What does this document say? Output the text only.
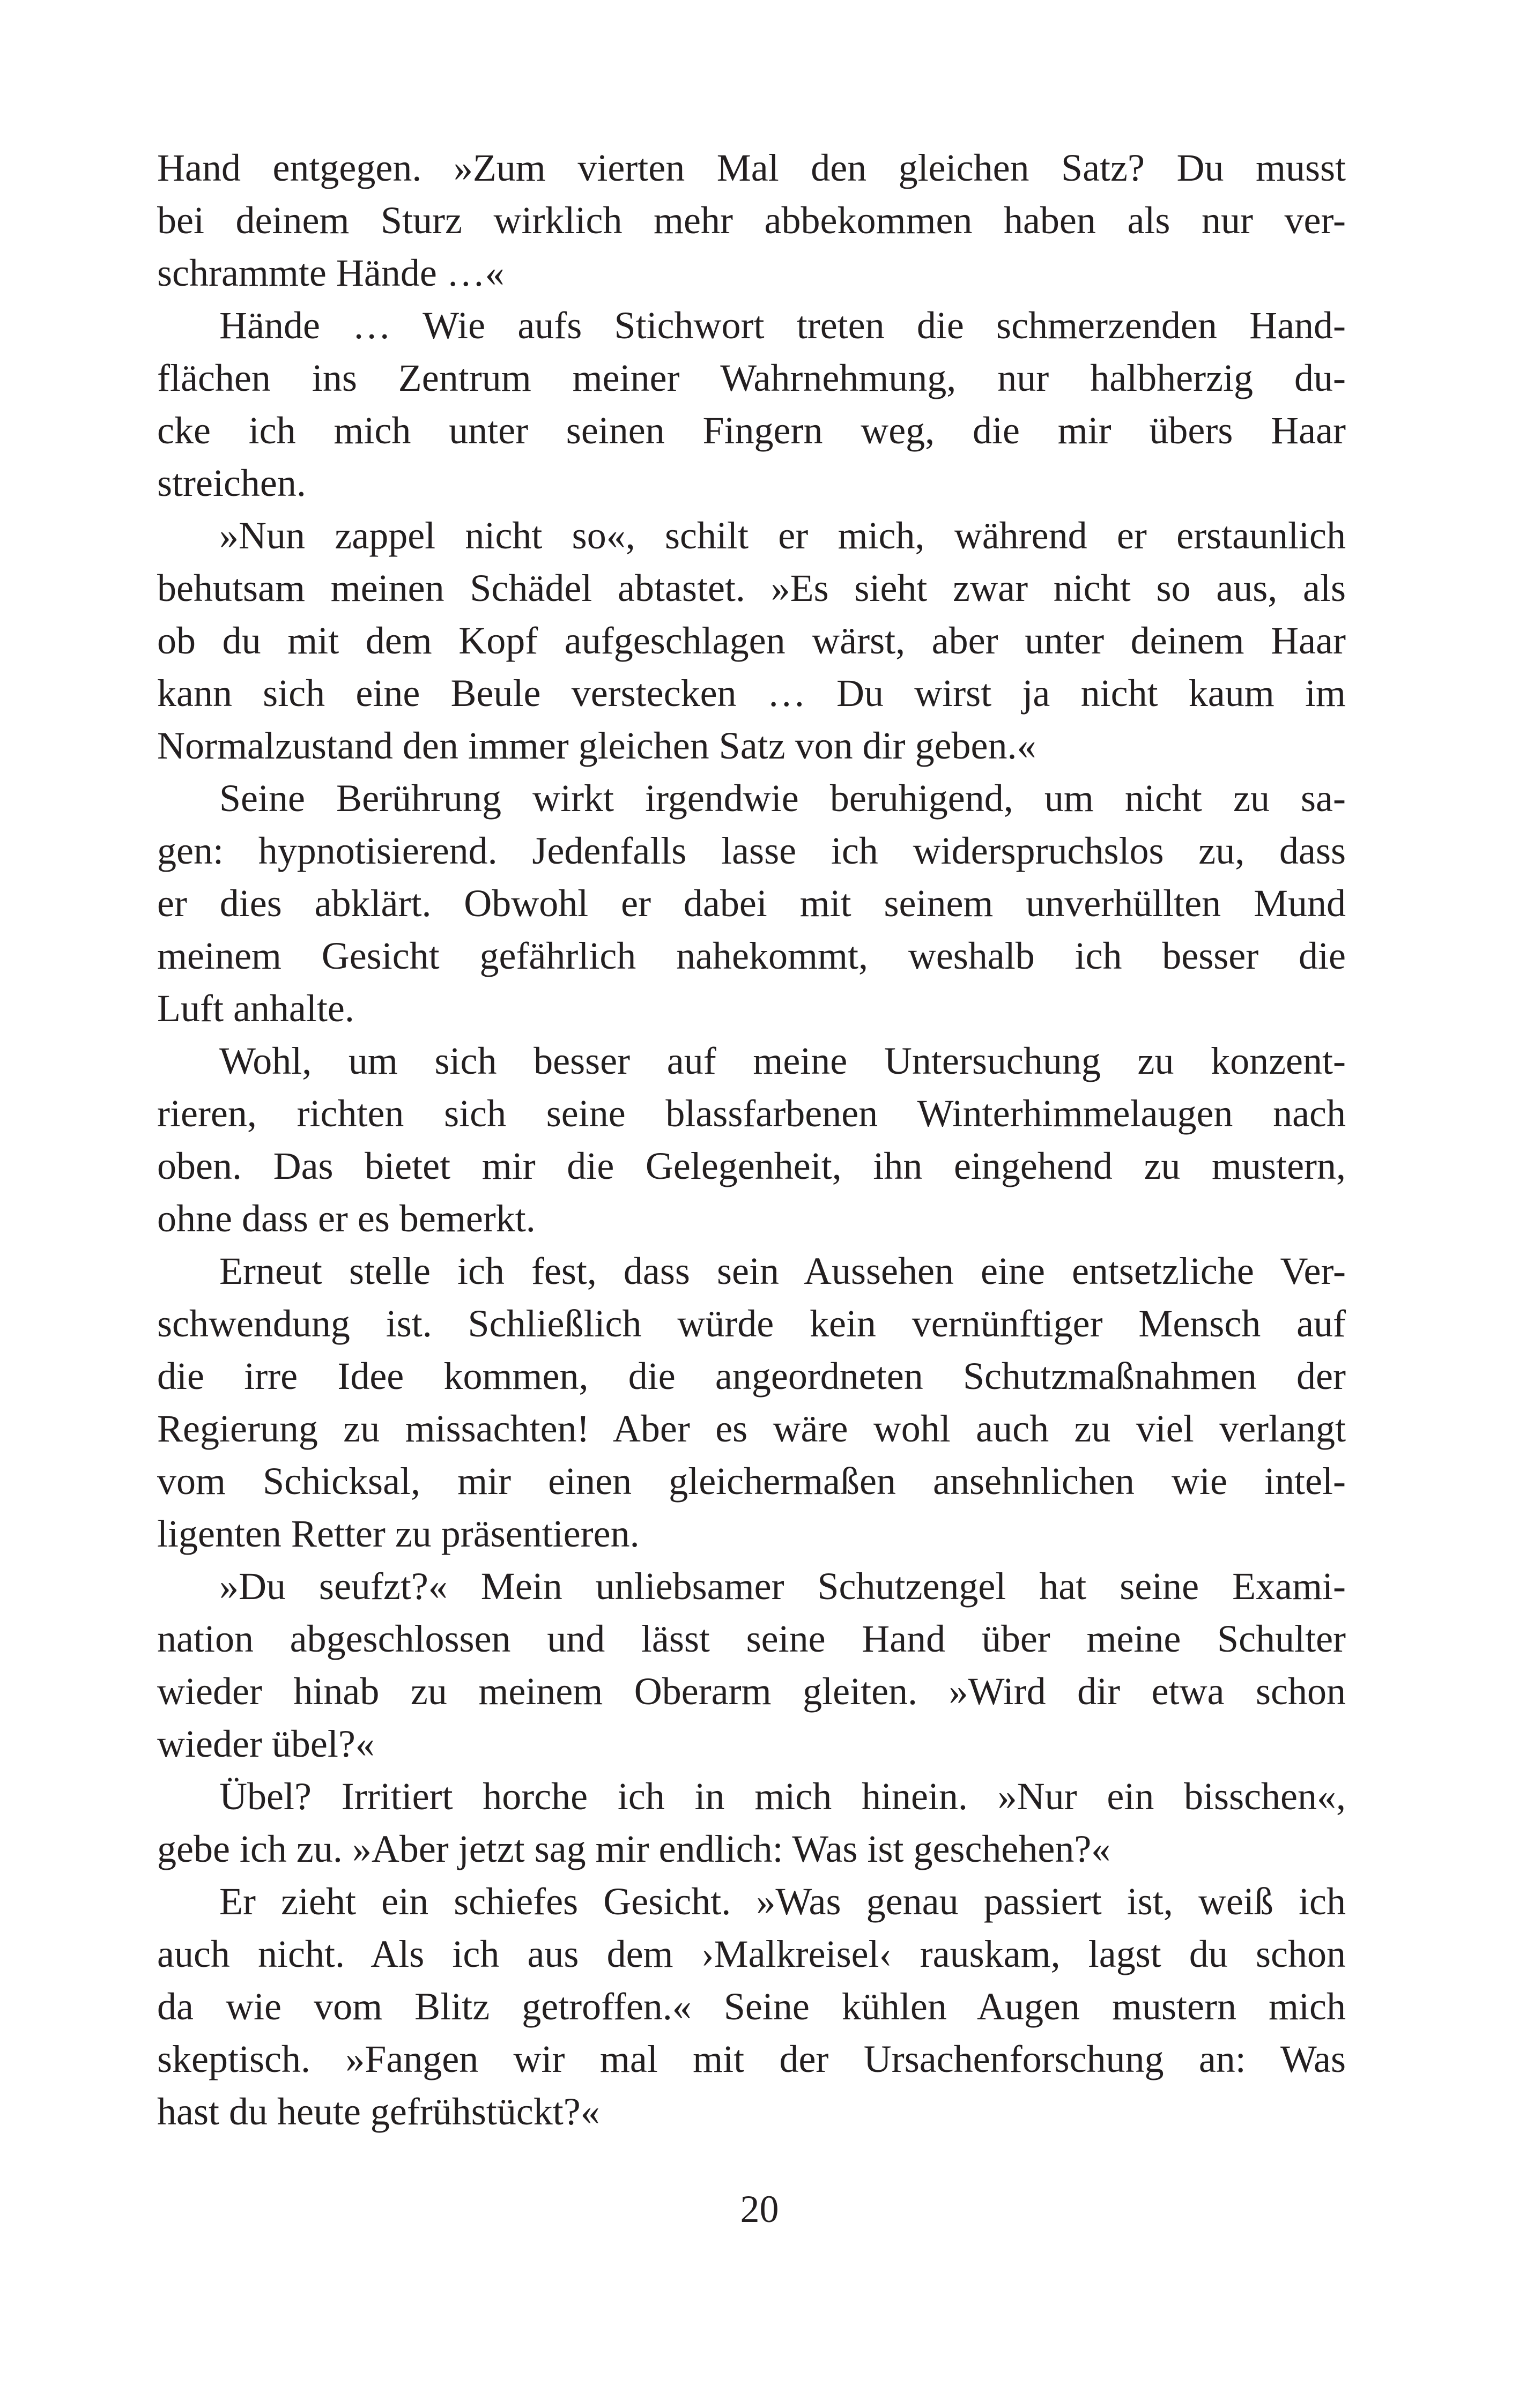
Hand entgegen. »Zum vierten Mal den gleichen Satz? Du musst
bei deinem Sturz wirklich mehr abbekommen haben als nur ver-
schrammte Hände …«
Hände … Wie aufs Stichwort treten die schmerzenden Hand-
flächen ins Zentrum meiner Wahrnehmung, nur halbherzig du-
cke ich mich unter seinen Fingern weg, die mir übers Haar
streichen.
»Nun zappel nicht so«, schilt er mich, während er erstaunlich
behutsam meinen Schädel abtastet. »Es sieht zwar nicht so aus, als
ob du mit dem Kopf aufgeschlagen wärst, aber unter deinem Haar
kann sich eine Beule verstecken … Du wirst ja nicht kaum im
Normalzustand den immer gleichen Satz von dir geben.«
Seine Berührung wirkt irgendwie beruhigend, um nicht zu sa-
gen: hypnotisierend. Jedenfalls lasse ich widerspruchslos zu, dass
er dies abklärt. Obwohl er dabei mit seinem unverhüllten Mund
meinem Gesicht gefährlich nahekommt, weshalb ich besser die
Luft anhalte.
Wohl, um sich besser auf meine Untersuchung zu konzent-
rieren, richten sich seine blassfarbenen Winterhimmelaugen nach
oben. Das bietet mir die Gelegenheit, ihn eingehend zu mustern,
ohne dass er es bemerkt.
Erneut stelle ich fest, dass sein Aussehen eine entsetzliche Ver-
schwendung ist. Schließlich würde kein vernünftiger Mensch auf
die irre Idee kommen, die angeordneten Schutzmaßnahmen der
Regierung zu missachten! Aber es wäre wohl auch zu viel verlangt
vom Schicksal, mir einen gleichermaßen ansehnlichen wie intel-
ligenten Retter zu präsentieren.
»Du seufzt?« Mein unliebsamer Schutzengel hat seine Exami-
nation abgeschlossen und lässt seine Hand über meine Schulter
wieder hinab zu meinem Oberarm gleiten. »Wird dir etwa schon
wieder übel?«
Übel? Irritiert horche ich in mich hinein. »Nur ein bisschen«,
gebe ich zu. »Aber jetzt sag mir endlich: Was ist geschehen?«
Er zieht ein schiefes Gesicht. »Was genau passiert ist, weiß ich
auch nicht. Als ich aus dem ›Malkreisel‹ rauskam, lagst du schon
da wie vom Blitz getroffen.« Seine kühlen Augen mustern mich
skeptisch. »Fangen wir mal mit der Ursachenforschung an: Was
hast du heute gefrühstückt?«
20
